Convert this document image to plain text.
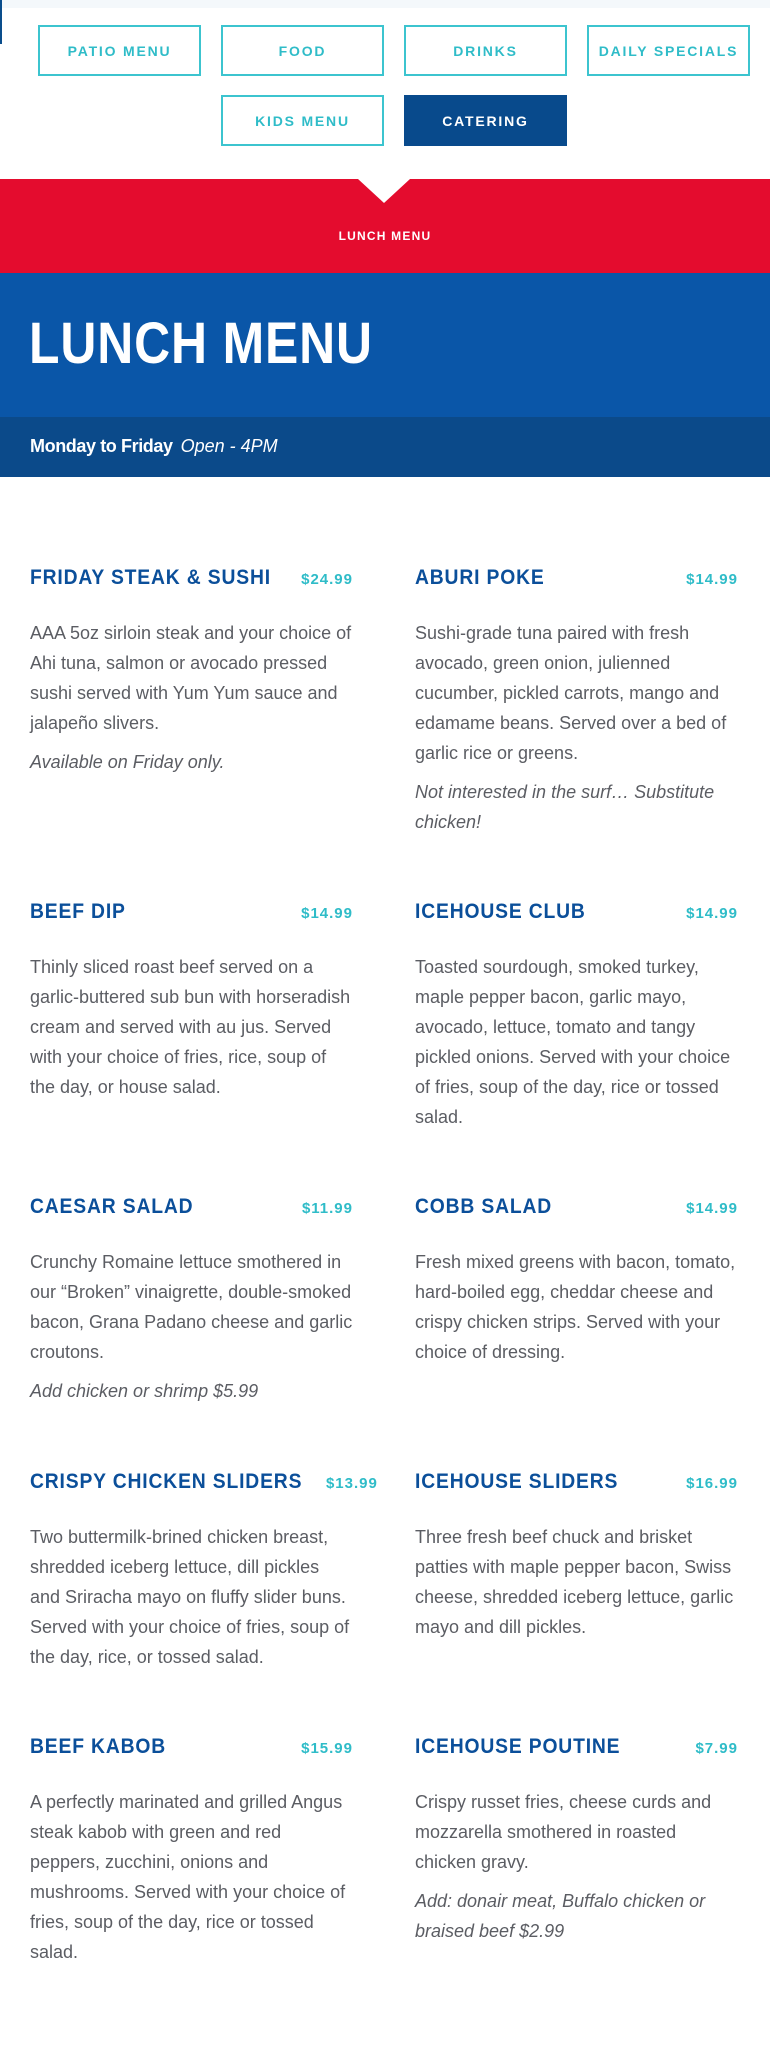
PATIO MENU	FOOD	DRINKS	DAILY SPECIALS
KIDS MENU	CATERING
LUNCH MENU
LUNCH MENU
Monday to Friday Open - 4PM
FRIDAY STEAK & SUSHI $24.99

AAA 5oz sirloin steak and your choice of Ahi tuna, salmon or avocado pressed sushi served with Yum Yum sauce and jalapeño slivers.

Available on Friday only.

ABURI POKE	$14.99

Sushi-grade tuna paired with fresh avocado, green onion, julienned cucumber, pickled carrots, mango and edamame beans. Served over a bed of garlic rice or greens.

Not interested in the surf… Substitute chicken!

BEEF DIP	$14.99

Thinly sliced roast beef served on a garlic-buttered sub bun with horseradish cream and served with au jus. Served with your choice of fries, rice, soup of the day, or house salad.

ICEHOUSE CLUB	$14.99

Toasted sourdough, smoked turkey, maple pepper bacon, garlic mayo, avocado, lettuce, tomato and tangy pickled onions. Served with your choice of fries, soup of the day, rice or tossed salad.

CAESAR SALAD	$11.99

Crunchy Romaine lettuce smothered in our “Broken” vinaigrette, double-smoked bacon, Grana Padano cheese and garlic croutons.

Add chicken or shrimp $5.99

COBB SALAD	$14.99

Fresh mixed greens with bacon, tomato, hard-boiled egg, cheddar cheese and crispy chicken strips. Served with your choice of dressing.

CRISPY CHICKEN SLIDERS $13.99

Two buttermilk-brined chicken breast, shredded iceberg lettuce, dill pickles and Sriracha mayo on fluffy slider buns. Served with your choice of fries, soup of the day, rice, or tossed salad.

ICEHOUSE SLIDERS	$16.99

Three fresh beef chuck and brisket patties with maple pepper bacon, Swiss cheese, shredded iceberg lettuce, garlic mayo and dill pickles.

BEEF KABOB	$15.99

A perfectly marinated and grilled Angus steak kabob with green and red peppers, zucchini, onions and mushrooms. Served with your choice of fries, soup of the day, rice or tossed salad.

ICEHOUSE POUTINE	$7.99

Crispy russet fries, cheese curds and mozzarella smothered in roasted chicken gravy.

Add: donair meat, Buffalo chicken or braised beef $2.99
